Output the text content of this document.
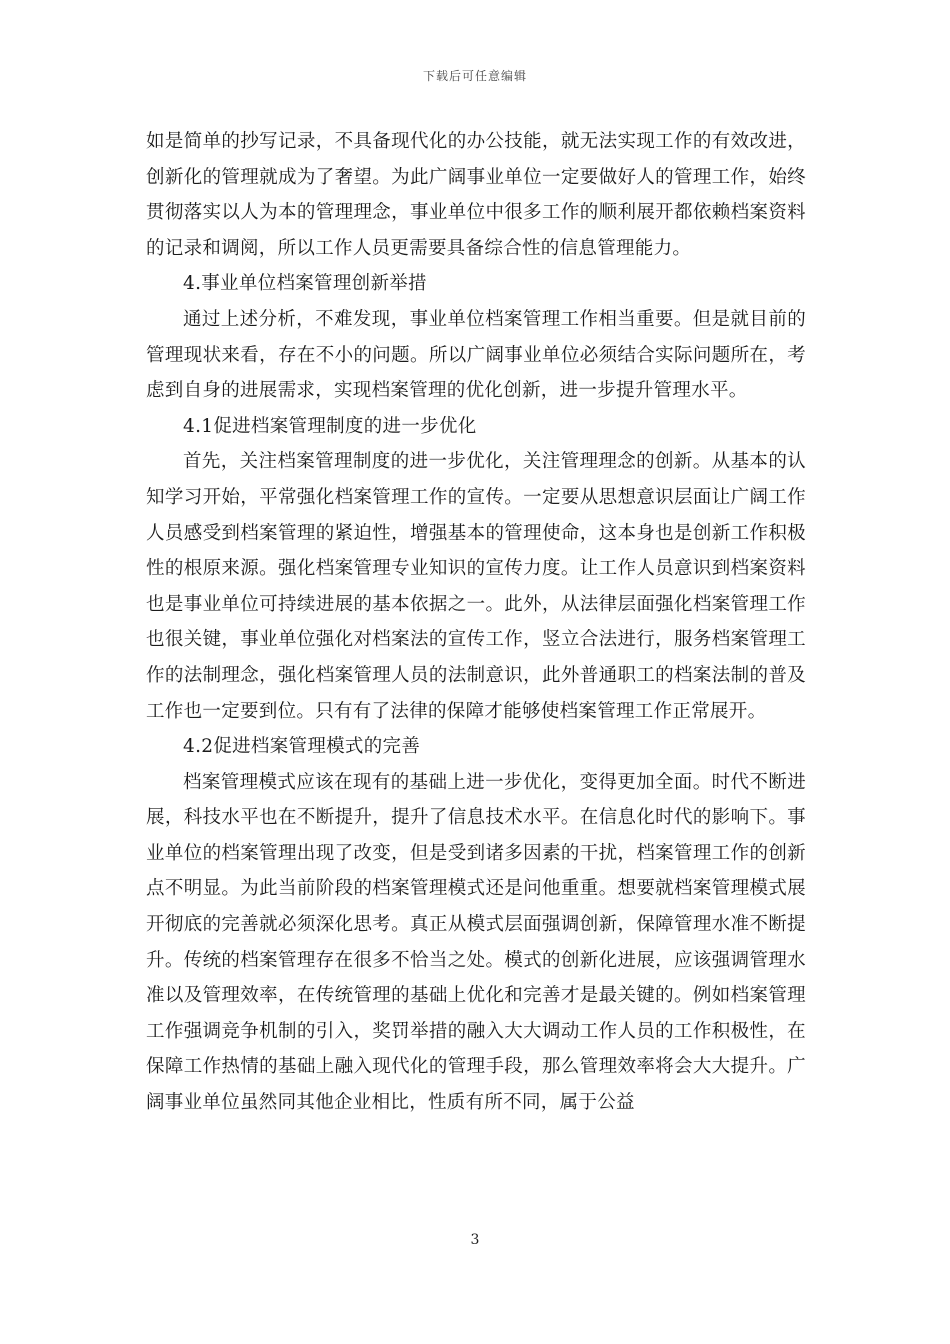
下载后可任意编辑

如是简单的抄写记录，不具备现代化的办公技能，就无法实现工作的有效改进，创新化的管理就成为了奢望。为此广阔事业单位一定要做好人的管理工作，始终贯彻落实以人为本的管理理念，事业单位中很多工作的顺利展开都依赖档案资料的记录和调阅，所以工作人员更需要具备综合性的信息管理能力。

4.事业单位档案管理创新举措

通过上述分析，不难发现，事业单位档案管理工作相当重要。但是就目前的管理现状来看，存在不小的问题。所以广阔事业单位必须结合实际问题所在，考虑到自身的进展需求，实现档案管理的优化创新，进一步提升管理水平。

4.1促进档案管理制度的进一步优化

首先，关注档案管理制度的进一步优化，关注管理理念的创新。从基本的认知学习开始，平常强化档案管理工作的宣传。一定要从思想意识层面让广阔工作人员感受到档案管理的紧迫性，增强基本的管理使命，这本身也是创新工作积极性的根原来源。强化档案管理专业知识的宣传力度。让工作人员意识到档案资料也是事业单位可持续进展的基本依据之一。此外，从法律层面强化档案管理工作也很关键，事业单位强化对档案法的宣传工作，竖立合法进行，服务档案管理工作的法制理念，强化档案管理人员的法制意识，此外普通职工的档案法制的普及工作也一定要到位。只有有了法律的保障才能够使档案管理工作正常展开。

4.2促进档案管理模式的完善

档案管理模式应该在现有的基础上进一步优化，变得更加全面。时代不断进展，科技水平也在不断提升，提升了信息技术水平。在信息化时代的影响下。事业单位的档案管理出现了改变，但是受到诸多因素的干扰，档案管理工作的创新点不明显。为此当前阶段的档案管理模式还是问他重重。想要就档案管理模式展开彻底的完善就必须深化思考。真正从模式层面强调创新，保障管理水准不断提升。传统的档案管理存在很多不恰当之处。模式的创新化进展，应该强调管理水准以及管理效率，在传统管理的基础上优化和完善才是最关键的。例如档案管理工作强调竞争机制的引入，奖罚举措的融入大大调动工作人员的工作积极性，在保障工作热情的基础上融入现代化的管理手段，那么管理效率将会大大提升。广阔事业单位虽然同其他企业相比，性质有所不同，属于公益

3
